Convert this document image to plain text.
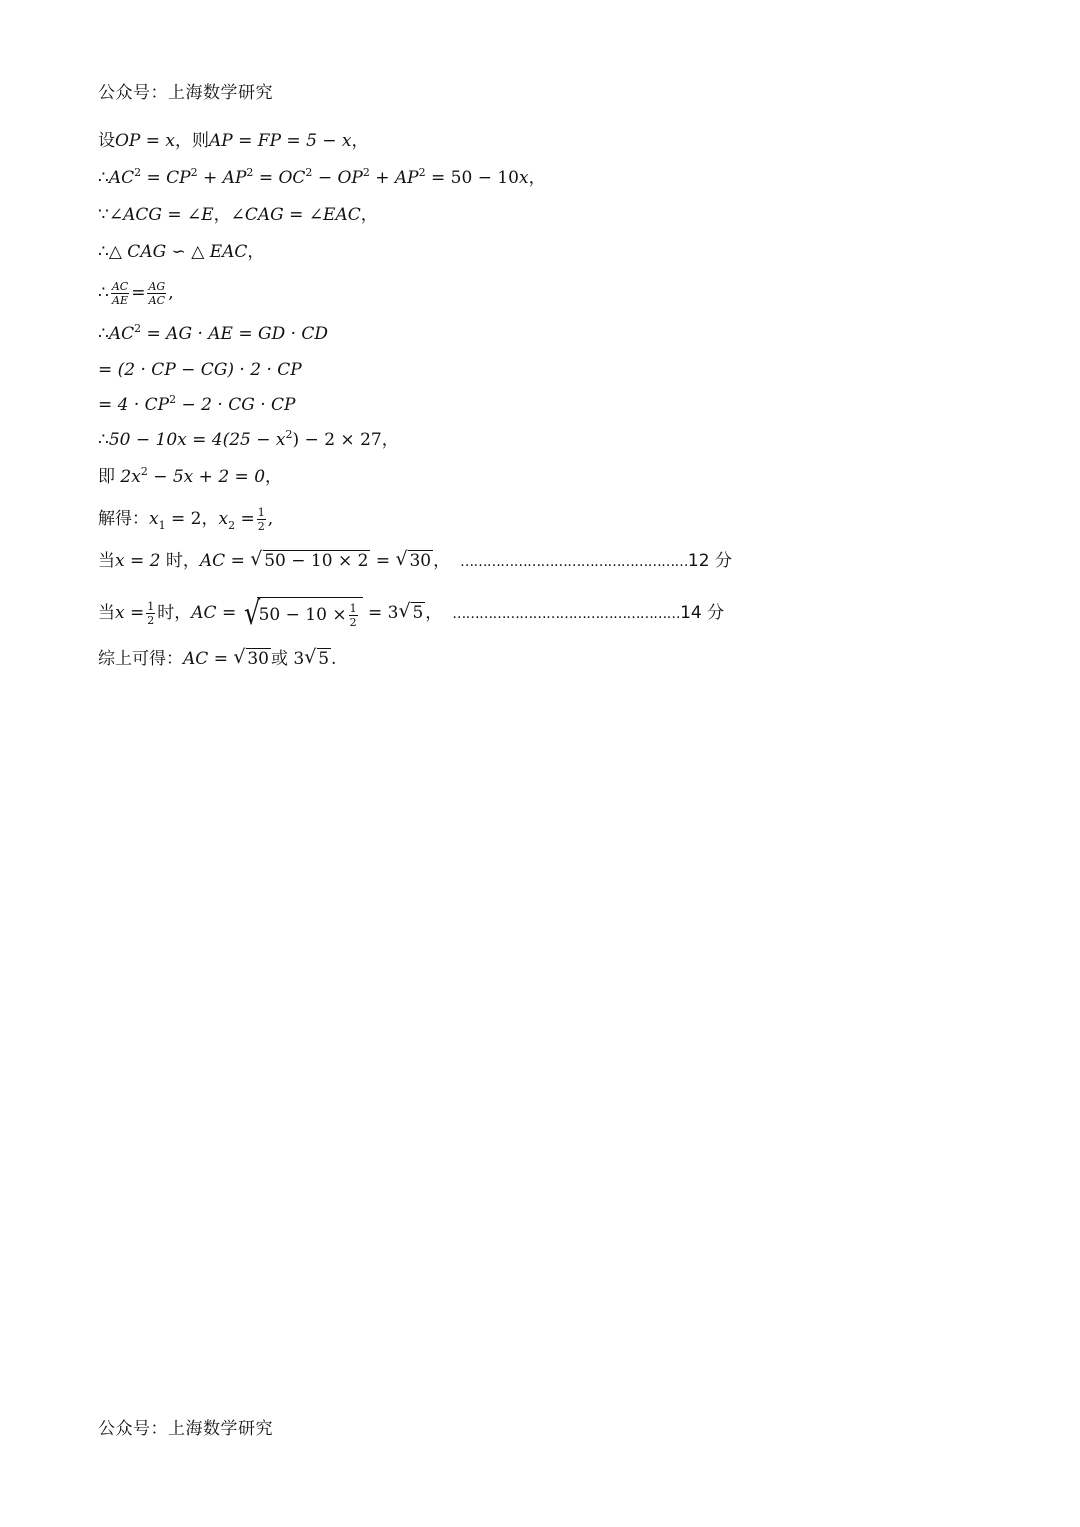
公众号：上海数学研究
设OP = x，则AP = FP = 5 − x，
$\therefore AC^2 = CP^2 + AP^2 = OC^2 - OP^2 + AP^2 = 50 - 10x$，
∵∠ACG = ∠E，∠CAG = ∠EAC，
∴△ CAG ∽ △ EAC，
∴ $\frac{AC}{AE} = \frac{AG}{AC}$ ,
$\therefore AC^2$ = AG · AE = GD · CD
= (2 · CP − CG) · 2 · CP
= $4 \cdot CP^2 - 2$ · CG · CP
∴50 − $10x = 4(25 - x^2) - 2 \times 27$，
即 $2x^2 - 5x + 2 = 0$，
解得：$x_1 = 2$，$x_2 = \frac{1}{2}$ ,
当x = 2 时，AC = √ 50 − 10 × 2 = √ 30 ， ……………………………………………12 分
当$x = \frac{1}{2}$ 时，AC = √
$50 - 10 \times \frac{1}{2} = 3$ √ 5 ， ……………………………………………14 分
综上可得：AC = √ 30 或 3 √ 5 .
公众号：上海数学研究
